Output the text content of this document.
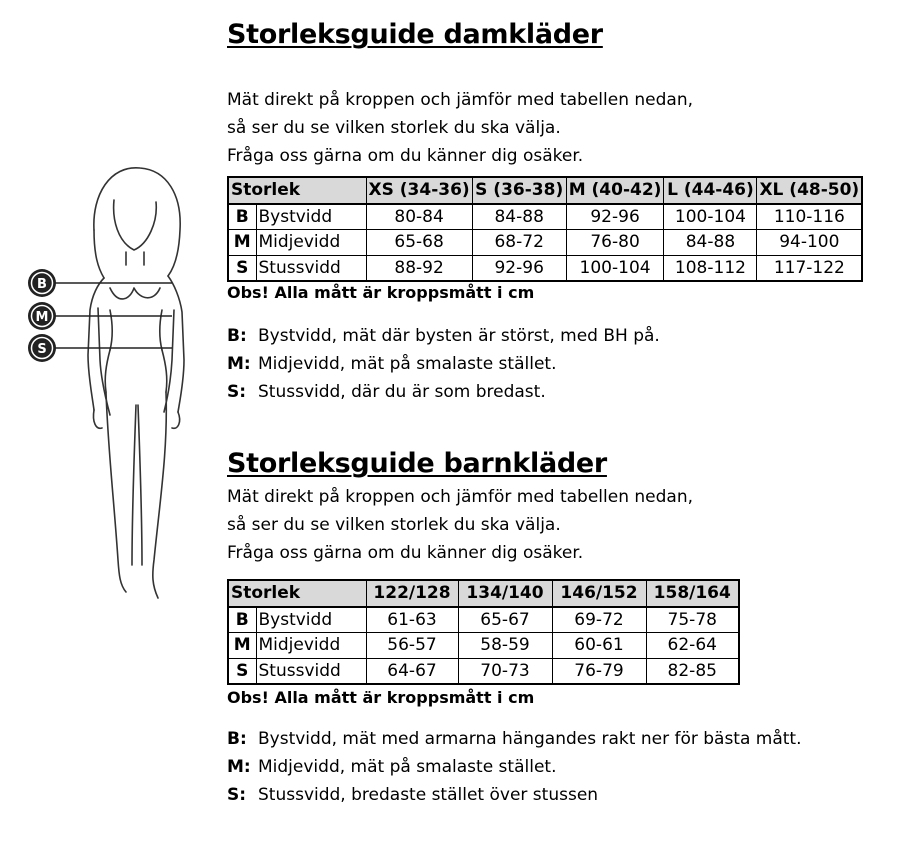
B
M
S
Storleksguide damkläder
Mät direkt på kroppen och jämför med tabellen nedan,
så ser du se vilken storlek du ska välja.
Fråga oss gärna om du känner dig osäker.
Storlek		XS (34-36)	S (36-38)	M (40-42)	L (44-46)	XL (48-50)
B	Bystvidd	80-84	84-88	92-96	100-104	110-116
M	Midjevidd	65-68	68-72	76-80	84-88	94-100
S	Stussvidd	88-92	92-96	100-104	108-112	117-122
Obs! Alla mått är kroppsmått i cm
B: Bystvidd, mät där bysten är störst, med BH på.
M: Midjevidd, mät på smalaste stället.
S: Stussvidd, där du är som bredast.
Storleksguide barnkläder
Mät direkt på kroppen och jämför med tabellen nedan,
så ser du se vilken storlek du ska välja.
Fråga oss gärna om du känner dig osäker.
Storlek		122/128	134/140	146/152	158/164
B	Bystvidd	61-63	65-67	69-72	75-78
M	Midjevidd	56-57	58-59	60-61	62-64
S	Stussvidd	64-67	70-73	76-79	82-85
Obs! Alla mått är kroppsmått i cm
B: Bystvidd, mät med armarna hängandes rakt ner för bästa mått.
M: Midjevidd, mät på smalaste stället.
S: Stussvidd, bredaste stället över stussen
